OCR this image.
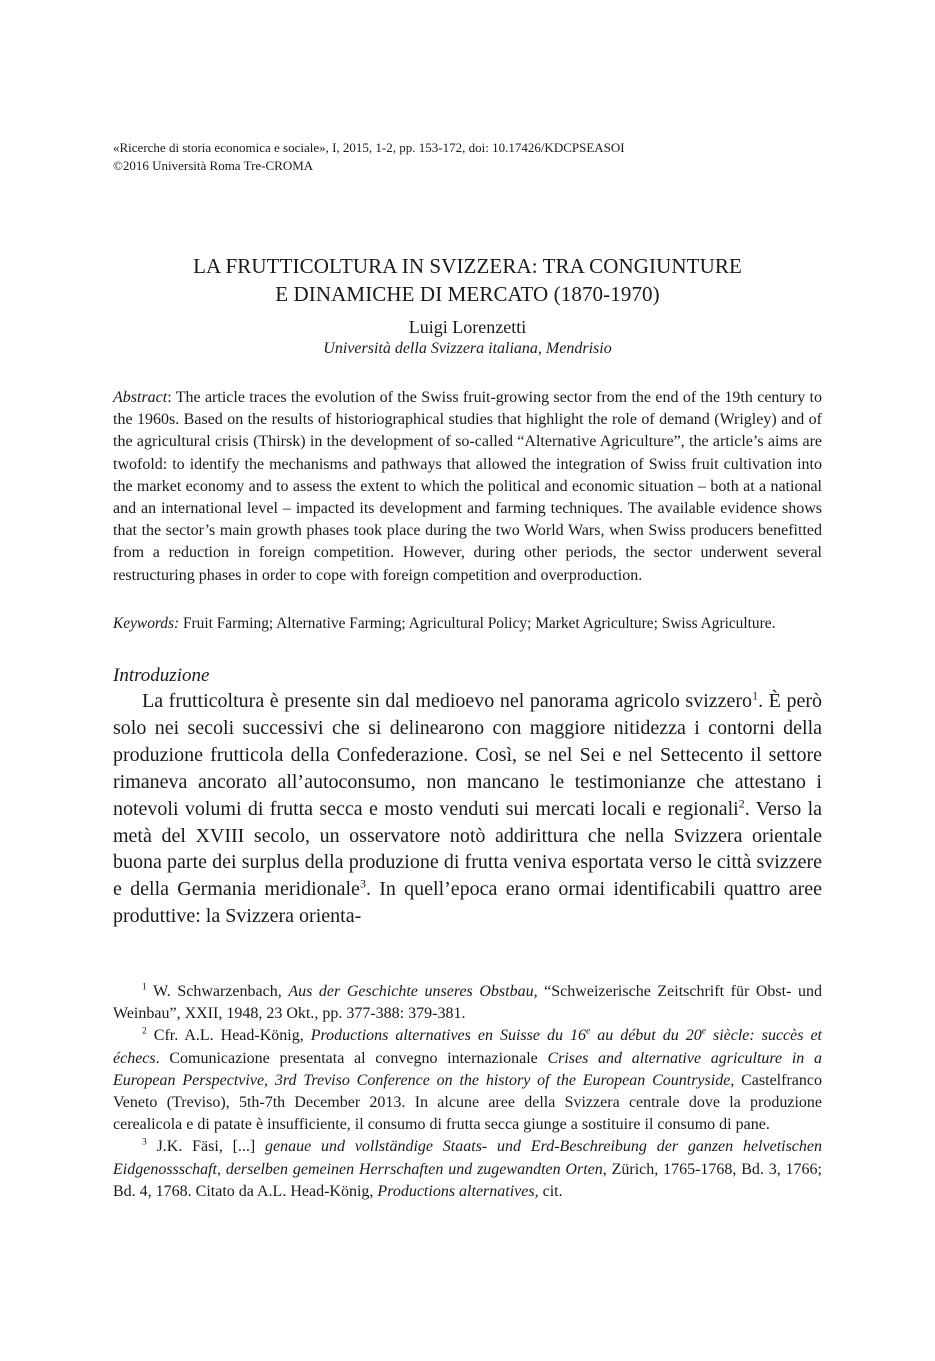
«Ricerche di storia economica e sociale», I, 2015, 1-2, pp. 153-172, doi: 10.17426/KDCPSEASOI
©2016 Università Roma Tre-CROMA
LA FRUTTICOLTURA IN SVIZZERA: TRA CONGIUNTURE
E DINAMICHE DI MERCATO (1870-1970)
Luigi Lorenzetti
Università della Svizzera italiana, Mendrisio
Abstract: The article traces the evolution of the Swiss fruit-growing sector from the end of the 19th century to the 1960s. Based on the results of historiographical studies that highlight the role of demand (Wrigley) and of the agricultural crisis (Thirsk) in the development of so-called “Alternative Agriculture”, the article’s aims are twofold: to identify the mechanisms and pathways that allowed the integration of Swiss fruit cultivation into the market economy and to assess the extent to which the political and economic situation – both at a national and an international level – impacted its development and farming techniques. The available evidence shows that the sector’s main growth phases took place during the two World Wars, when Swiss producers benefitted from a reduction in foreign competition. However, during other periods, the sector underwent several restructuring phases in order to cope with foreign competition and overproduction.
Keywords: Fruit Farming; Alternative Farming; Agricultural Policy; Market Agriculture; Swiss Agriculture.
Introduzione

La frutticoltura è presente sin dal medioevo nel panorama agricolo svizzero$^1$. È però solo nei secoli successivi che si delinearono con maggiore nitidezza i contorni della produzione frutticola della Confederazione. Così, se nel Sei e nel Settecento il settore rimaneva ancorato all’autoconsumo, non mancano le testimonianze che attestano i notevoli volumi di frutta secca e mosto venduti sui mercati locali e regionali$^2$. Verso la metà del XVIII secolo, un osservatore notò addirittura che nella Svizzera orientale buona parte dei surplus della produzione di frutta veniva esportata verso le città svizzere e della Germania meridionale$^3$. In quell’epoca erano ormai identificabili quattro aree produttive: la Svizzera orienta-

$^1$ W. Schwarzenbach, Aus der Geschichte unseres Obstbau, “Schweizerische Zeitschrift für Obst- und Weinbau”, XXII, 1948, 23 Okt., pp. 377-388: 379-381.

$^2$ Cfr. A.L. Head-König, Productions alternatives en Suisse du 16e au début du 20e siècle: succès et échecs. Comunicazione presentata al convegno internazionale Crises and alternative agriculture in a European Perspectvive, 3rd Treviso Conference on the history of the European Countryside, Castelfranco Veneto (Treviso), 5th-7th December 2013. In alcune aree della Svizzera centrale dove la produzione cerealicola e di patate è insufficiente, il consumo di frutta secca giunge a sostituire il consumo di pane.

$^3$ J.K. Fäsi, [...] genaue und vollständige Staats- und Erd-Beschreibung der ganzen helvetischen Eidgenossschaft, derselben gemeinen Herrschaften und zugewandten Orten, Zürich, 1765-1768, Bd. 3, 1766; Bd. 4, 1768. Citato da A.L. Head-König, Productions alternatives, cit.
